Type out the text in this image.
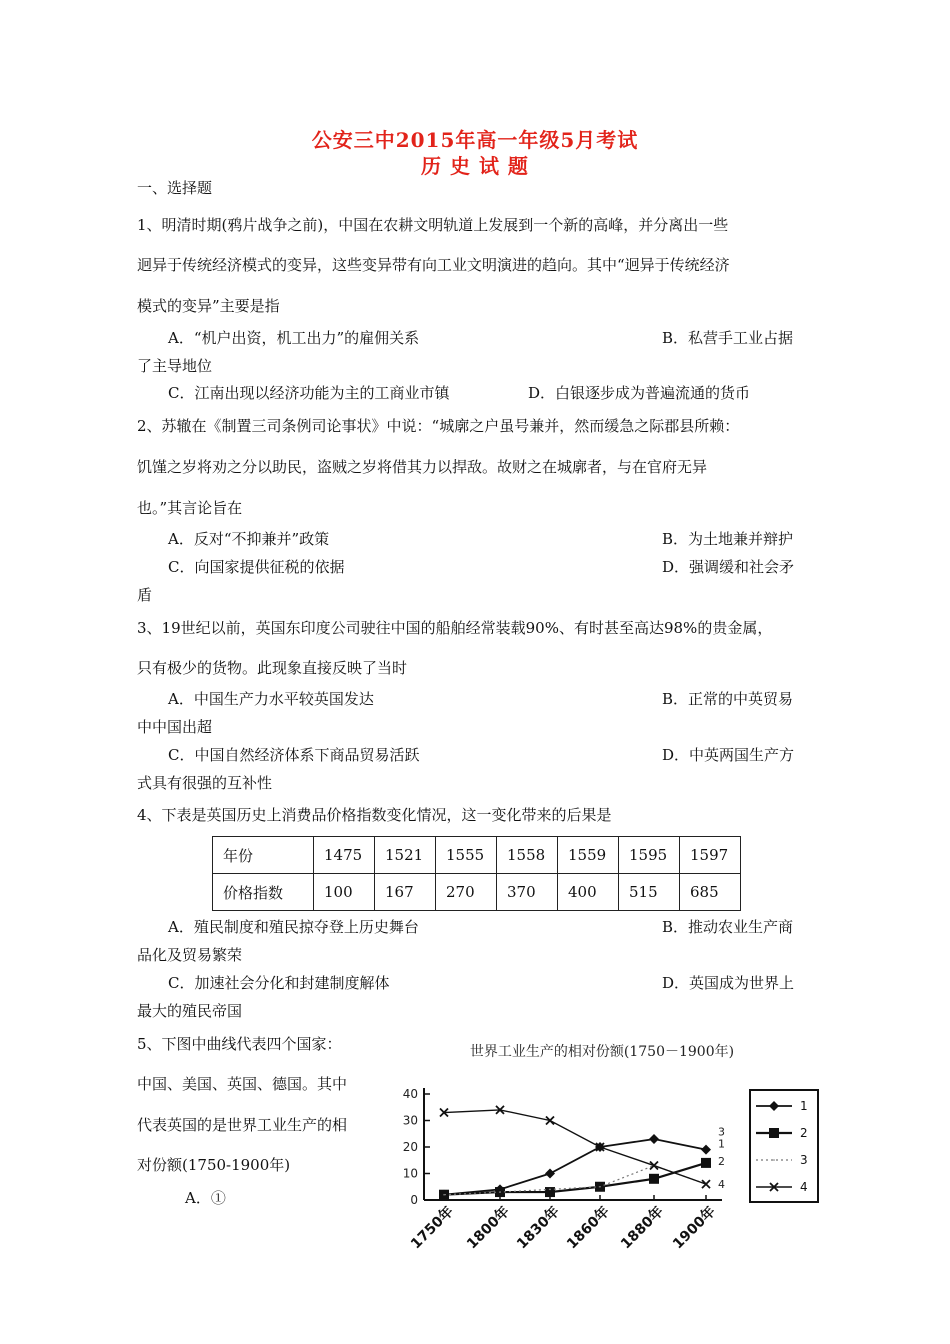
公安三中2015年高一年级5月考试
历 史 试 题
一、选择题
1、明清时期(鸦片战争之前)，中国在农耕文明轨道上发展到一个新的高峰，并分离出一些
迥异于传统经济模式的变异，这些变异带有向工业文明演进的趋向。其中“迥异于传统经济
模式的变异”主要是指
A．“机户出资，机工出力”的雇佣关系	B．私营手工业占据
了主导地位
C．江南出现以经济功能为主的工商业市镇	D．白银逐步成为普遍流通的货币
2、苏辙在《制置三司条例司论事状》中说：“城廓之户虽号兼并，然而缓急之际郡县所赖：
饥馑之岁将劝之分以助民，盗贼之岁将借其力以捍敌。故财之在城廓者，与在官府无异
也。”其言论旨在
A．反对“不抑兼并”政策	B．为土地兼并辩护
C．向国家提供征税的依据	D．强调缓和社会矛
盾
3、19世纪以前，英国东印度公司驶往中国的船舶经常装载90%、有时甚至高达98%的贵金属，
只有极少的货物。此现象直接反映了当时
A．中国生产力水平较英国发达	B．正常的中英贸易
中中国出超
C．中国自然经济体系下商品贸易活跃	D．中英两国生产方
式具有很强的互补性
4、下表是英国历史上消费品价格指数变化情况，这一变化带来的后果是
年份	1475	1521	1555	1558	1559	1595	1597
价格指数	100	167	270	370	400	515	685
A．殖民制度和殖民掠夺登上历史舞台	B．推动农业生产商
品化及贸易繁荣
C．加速社会分化和封建制度解体	D．英国成为世界上
最大的殖民帝国
5、下图中曲线代表四个国家：
中国、美国、英国、德国。其中
代表英国的是世界工业生产的相
对份额(1750-1900年)
A．①
世界工业生产的相对份额(1750－1900年)
0
10
20
30
40
1750年 1800年 1830年 1860年 1880年 1900年
3
1
2
4
1
2
3
4
